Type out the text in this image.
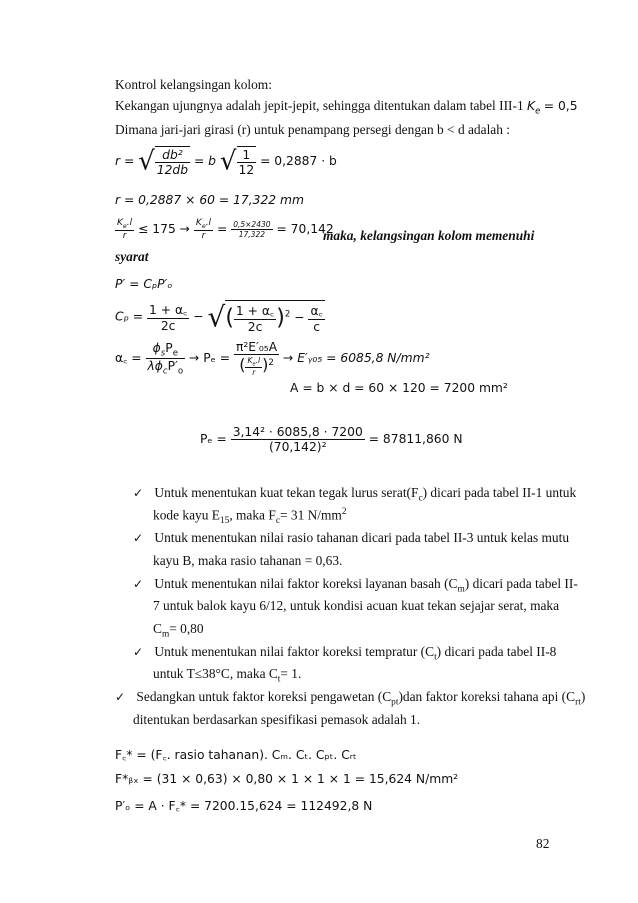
Kontrol kelangsingan kolom:
Kekangan ujungnya adalah jepit-jepit, sehingga ditentukan dalam tabel III-1 $K_e = 0,5$
Dimana jari-jari girasi (r) untuk penampang persegi dengan b < d adalah :
r = √ $\frac{\text{db²}}{12db} = b$ √ $\frac{1}{12} = 0,2887 \cdot b$
r = 0,2887 × 60 = 17,322 mm
$\frac{K_e.l}{r} \le 175 \to \frac{K_e.l}{r} = \frac{0,5\times 2430}{17,322} = 70,142$
maka, kelangsingan kolom memenuhi
syarat
P′ = CₚP′ₒ
$C_p = \frac{1 + \alpha꜀}{2c}$ − √( $\frac{1 + \alpha꜀}{2c} )^2 - \frac{\alpha꜀}{c}$
α꜀ = $\frac{\phi_sP_e}{\lambda\phi_cP'_o} \to P_e = \frac{\text{π²E′₀₅A}}{( \frac{K_e.l}{r} )^2}$ → E′ᵧ₀₅ = 6085,8 N/mm²
A = b × d = 60 × 120 = 7200 mm²
$P_e = \frac{\text{3,14² · 6085,8 · 7200}}{\text{(70,142)²}} = 87811,860$ N
✓ Untuk menentukan kuat tekan tegak lurus $serat(F_c)$ dicari pada tabel II-1 untuk
kode kayu $E_{15}$, maka $F_c= 31$ $N/mm^2$
✓ Untuk menentukan nilai rasio tahanan dicari pada tabel II-3 untuk kelas mutu
kayu B, maka rasio tahanan = 0,63.
✓ Untuk menentukan nilai faktor koreksi layanan basah $(C_m)$ dicari pada tabel II-
7 untuk balok kayu 6/12, untuk kondisi acuan kuat tekan sejajar serat, maka
$C_m= 0,80$
✓ Untuk menentukan nilai faktor koreksi tempratur $(C_t)$ dicari pada tabel II-8
untuk T≤38°C, maka $C_t= 1$.
✓ Sedangkan untuk faktor koreksi pengawetan $(C_{pt})dan$ faktor koreksi tahana api $(C_{rt})$
ditentukan berdasarkan spesifikasi pemasok adalah 1.
F꜀* = (F꜀. rasio tahanan). Cₘ. Cₜ. Cₚₜ. Cᵣₜ
F*ᵦₓ = (31 × 0,63) × 0,80 × 1 × 1 × 1 = 15,624 N/mm²
P′ₒ = A · F꜀* = 7200.15,624 = 112492,8 N
82
